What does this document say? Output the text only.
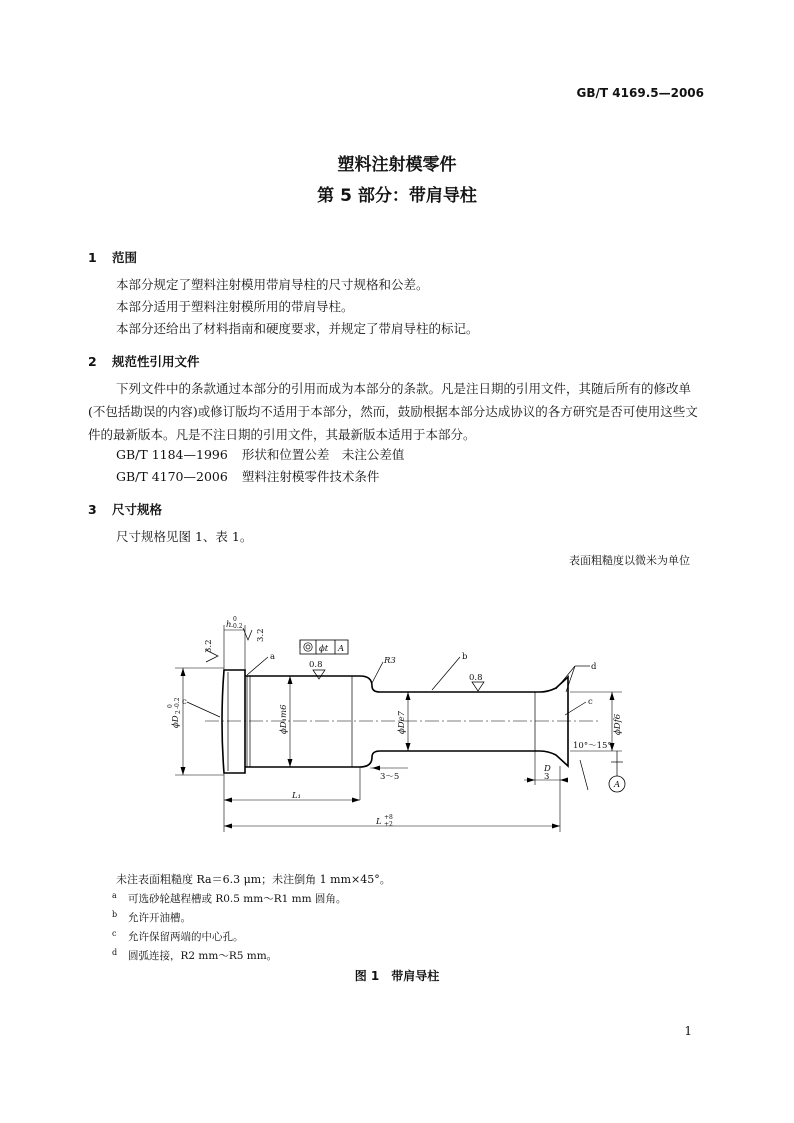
GB/T 4169.5—2006
塑料注射模零件
第 5 部分：带肩导柱
1 范围
本部分规定了塑料注射模用带肩导柱的尺寸规格和公差。
本部分适用于塑料注射模所用的带肩导柱。
本部分还给出了材料指南和硬度要求，并规定了带肩导柱的标记。
2 规范性引用文件
下列文件中的条款通过本部分的引用而成为本部分的条款。凡是注日期的引用文件，其随后所有的修改单(不包括勘误的内容)或修订版均不适用于本部分，然而，鼓励根据本部分达成协议的各方研究是否可使用这些文件的最新版本。凡是不注日期的引用文件，其最新版本适用于本部分。
GB/T 1184—1996 形状和位置公差　未注公差值
GB/T 4170—2006 塑料注射模零件技术条件
3 尺寸规格
尺寸规格见图 1、表 1。
表面粗糙度以微米为单位
a	b
d
c	c
3.2
3.2
0.8
0.8
h
0
-0.2
ϕt A
R3
ϕD
2
0 -0.2
ϕD₁m6	ϕDe7	ϕDf6
3～5
D
3
10°～15°
A
L₁
L +8
+2
未注表面粗糙度 Ra＝6.3 μm；未注倒角 1 mm×45°。
$^a$ 可选砂轮越程槽或 R0.5 mm～R1 mm 圆角。
$^b$ 允许开油槽。
$^c$ 允许保留两端的中心孔。
$^d$ 圆弧连接，R2 mm～R5 mm。
图 1　带肩导柱
1
